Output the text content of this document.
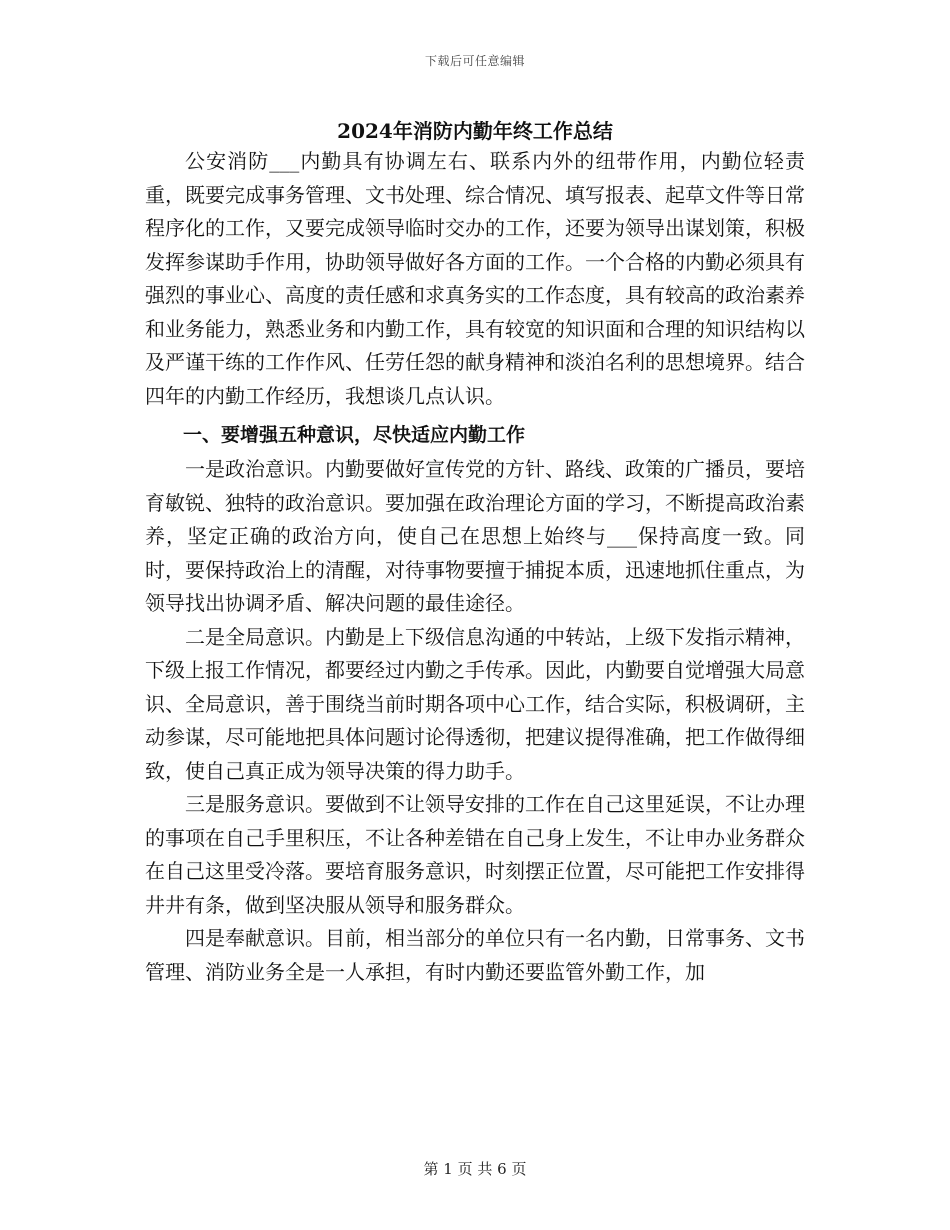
下载后可任意编辑
2024年消防内勤年终工作总结

公安消防___内勤具有协调左右、联系内外的纽带作用，内勤位轻责重，既要完成事务管理、文书处理、综合情况、填写报表、起草文件等日常程序化的工作，又要完成领导临时交办的工作，还要为领导出谋划策，积极发挥参谋助手作用，协助领导做好各方面的工作。一个合格的内勤必须具有强烈的事业心、高度的责任感和求真务实的工作态度，具有较高的政治素养和业务能力，熟悉业务和内勤工作，具有较宽的知识面和合理的知识结构以及严谨干练的工作作风、任劳任怨的献身精神和淡泊名利的思想境界。结合四年的内勤工作经历，我想谈几点认识。

一、要增强五种意识，尽快适应内勤工作

一是政治意识。内勤要做好宣传党的方针、路线、政策的广播员，要培育敏锐、独特的政治意识。要加强在政治理论方面的学习，不断提高政治素养，坚定正确的政治方向，使自己在思想上始终与___保持高度一致。同时，要保持政治上的清醒，对待事物要擅于捕捉本质，迅速地抓住重点，为领导找出协调矛盾、解决问题的最佳途径。

二是全局意识。内勤是上下级信息沟通的中转站，上级下发指示精神，下级上报工作情况，都要经过内勤之手传承。因此，内勤要自觉增强大局意识、全局意识，善于围绕当前时期各项中心工作，结合实际，积极调研，主动参谋，尽可能地把具体问题讨论得透彻，把建议提得准确，把工作做得细致，使自己真正成为领导决策的得力助手。

三是服务意识。要做到不让领导安排的工作在自己这里延误，不让办理的事项在自己手里积压，不让各种差错在自己身上发生，不让申办业务群众在自己这里受冷落。要培育服务意识，时刻摆正位置，尽可能把工作安排得井井有条，做到坚决服从领导和服务群众。

四是奉献意识。目前，相当部分的单位只有一名内勤，日常事务、文书管理、消防业务全是一人承担，有时内勤还要监管外勤工作，加

第 1 页 共 6 页
